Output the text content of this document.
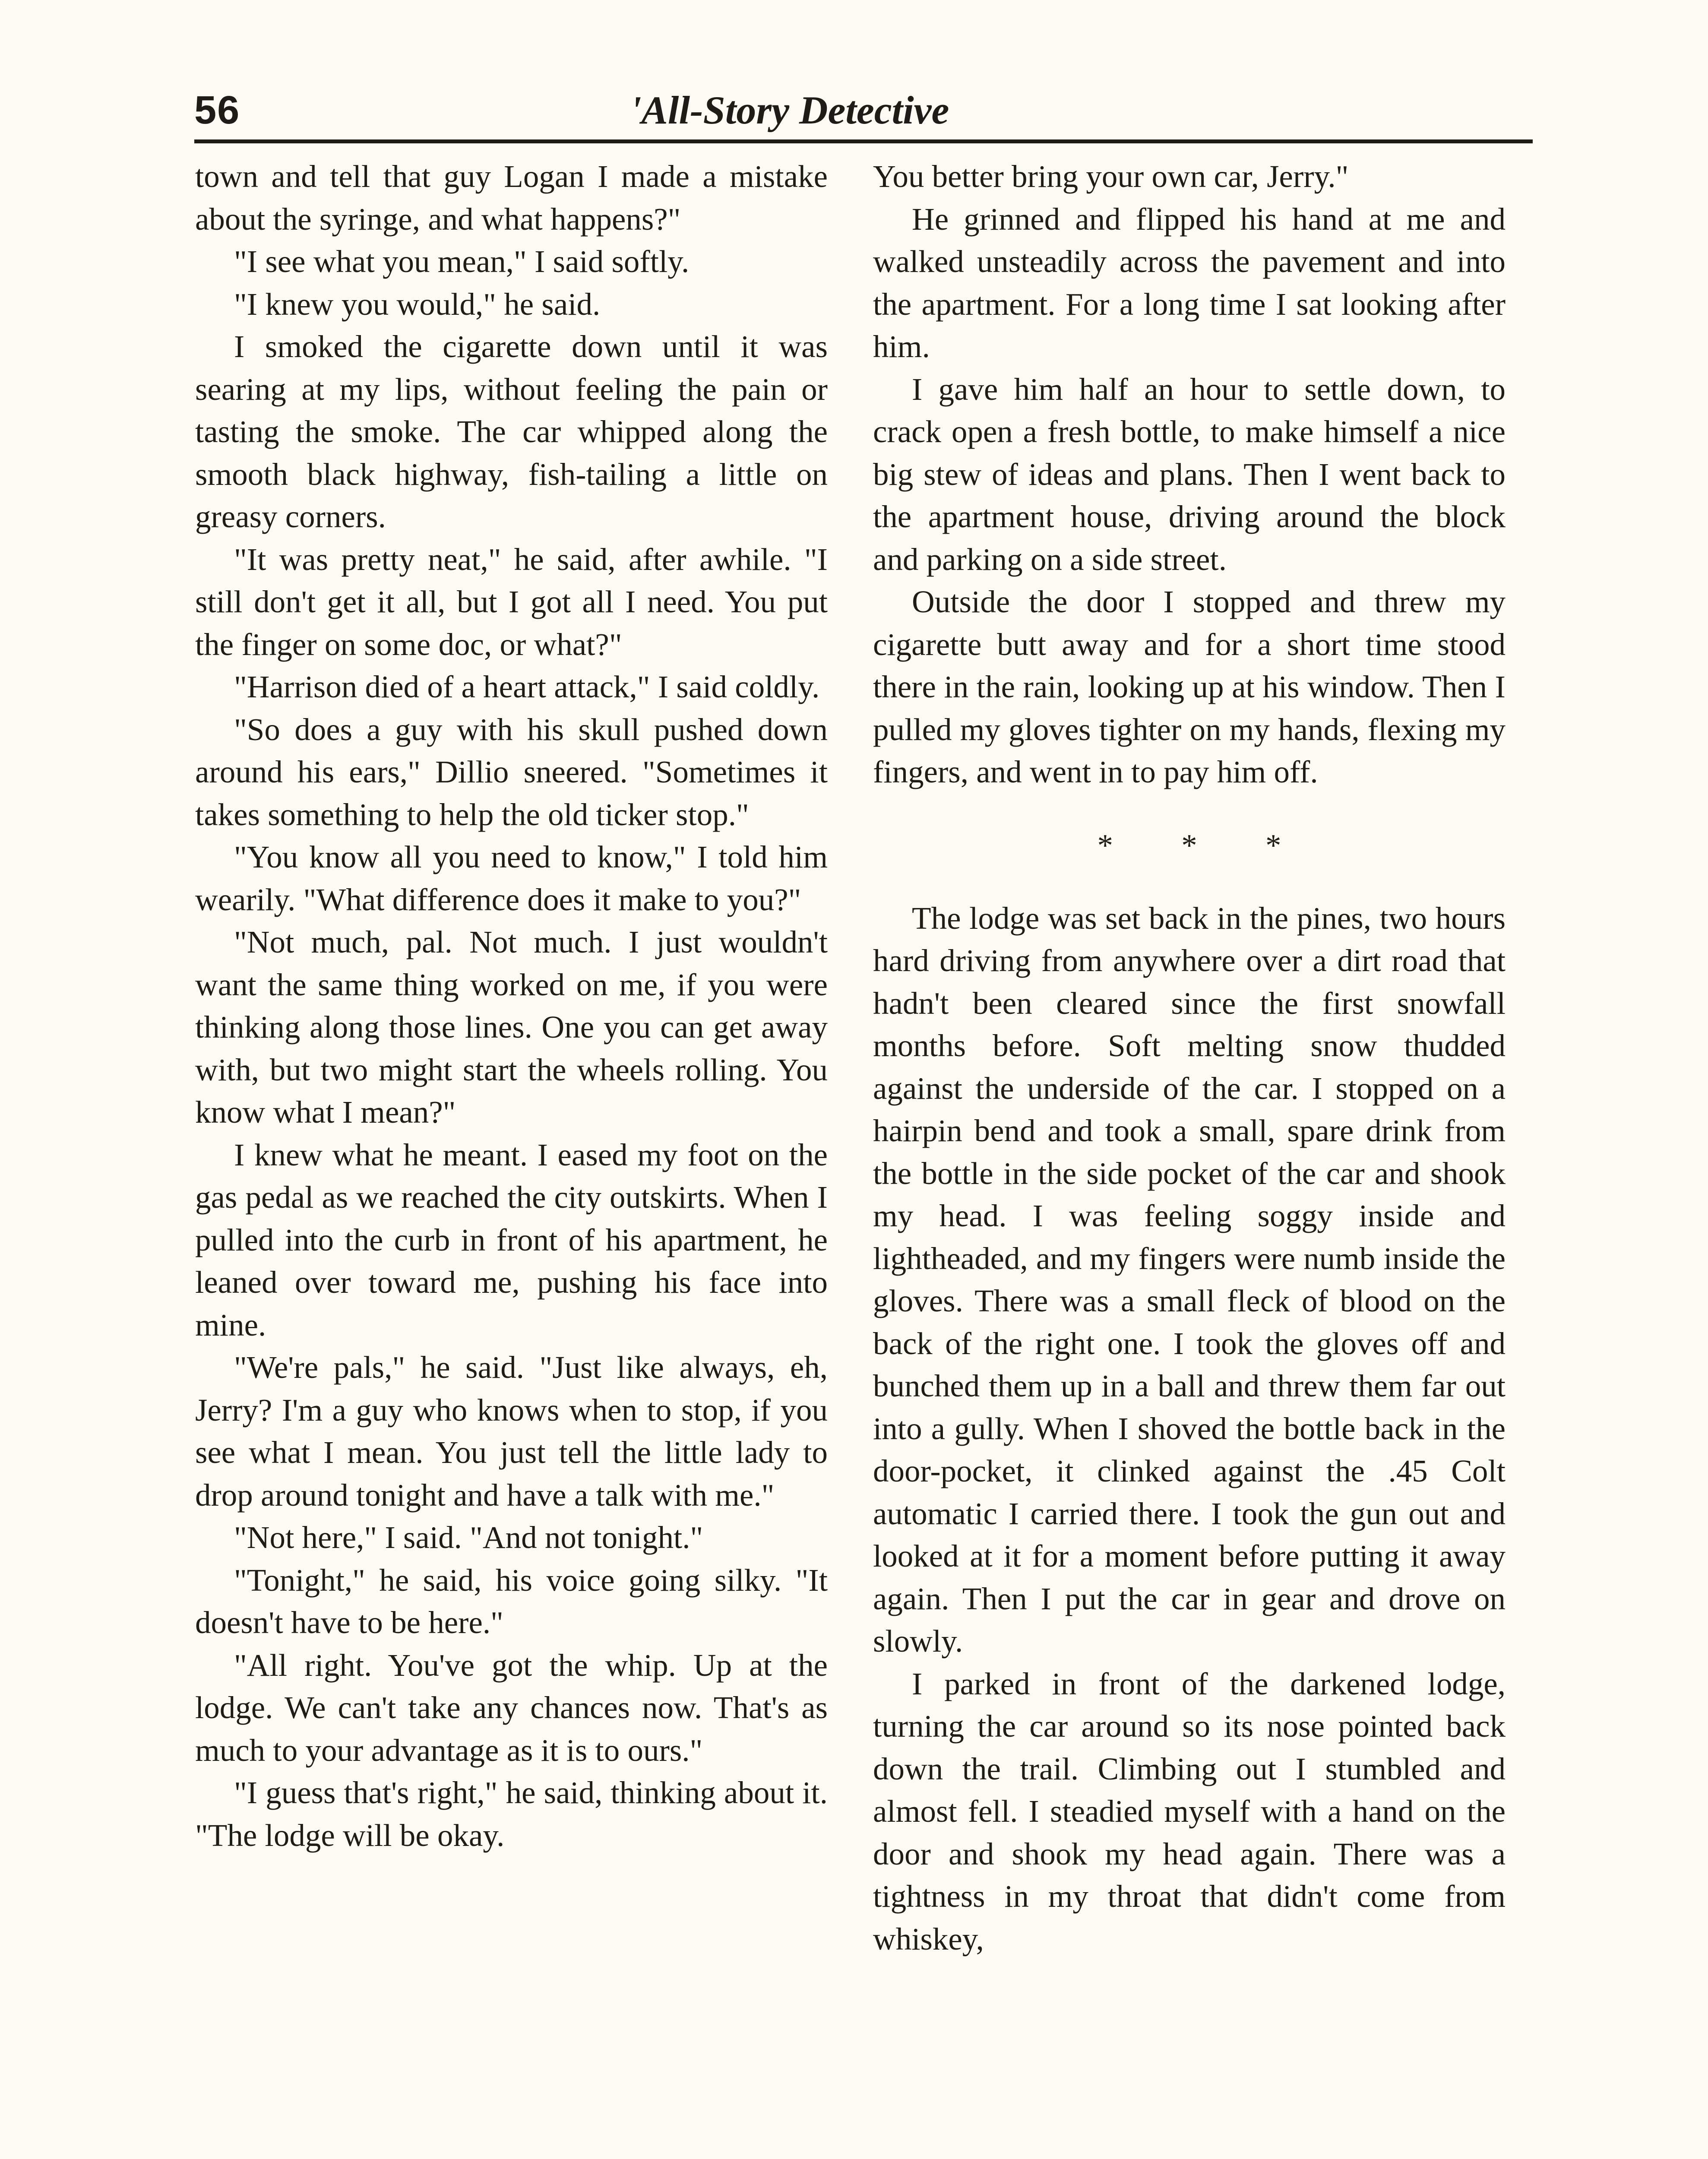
56	'All-Story Detective

town and tell that guy Logan I made a mistake about the syringe, and what happens?"

"I see what you mean," I said softly.

"I knew you would," he said.

I smoked the cigarette down until it was searing at my lips, without feeling the pain or tasting the smoke. The car whipped along the smooth black highway, fish-tailing a little on greasy corners.

"It was pretty neat," he said, after awhile. "I still don't get it all, but I got all I need. You put the finger on some doc, or what?"

"Harrison died of a heart attack," I said coldly.

"So does a guy with his skull pushed down around his ears," Dillio sneered. "Sometimes it takes something to help the old ticker stop."

"You know all you need to know," I told him wearily. "What difference does it make to you?"

"Not much, pal. Not much. I just wouldn't want the same thing worked on me, if you were thinking along those lines. One you can get away with, but two might start the wheels rolling. You know what I mean?"

I knew what he meant. I eased my foot on the gas pedal as we reached the city outskirts. When I pulled into the curb in front of his apartment, he leaned over toward me, pushing his face into mine.

"We're pals," he said. "Just like always, eh, Jerry? I'm a guy who knows when to stop, if you see what I mean. You just tell the little lady to drop around tonight and have a talk with me."

"Not here," I said. "And not tonight."

"Tonight," he said, his voice going silky. "It doesn't have to be here."

"All right. You've got the whip. Up at the lodge. We can't take any chances now. That's as much to your advantage as it is to ours."

"I guess that's right," he said, thinking about it. "The lodge will be okay.

You better bring your own car, Jerry."

He grinned and flipped his hand at me and walked unsteadily across the pavement and into the apartment. For a long time I sat looking after him.

I gave him half an hour to settle down, to crack open a fresh bottle, to make himself a nice big stew of ideas and plans. Then I went back to the apartment house, driving around the block and parking on a side street.

Outside the door I stopped and threw my cigarette butt away and for a short time stood there in the rain, looking up at his window. Then I pulled my gloves tighter on my hands, flexing my fingers, and went in to pay him off.

* * *

The lodge was set back in the pines, two hours hard driving from anywhere over a dirt road that hadn't been cleared since the first snowfall months before. Soft melting snow thudded against the underside of the car. I stopped on a hairpin bend and took a small, spare drink from the bottle in the side pocket of the car and shook my head. I was feeling soggy inside and lightheaded, and my fingers were numb inside the gloves. There was a small fleck of blood on the back of the right one. I took the gloves off and bunched them up in a ball and threw them far out into a gully. When I shoved the bottle back in the door-pocket, it clinked against the .45 Colt automatic I carried there. I took the gun out and looked at it for a moment before putting it away again. Then I put the car in gear and drove on slowly.

I parked in front of the darkened lodge, turning the car around so its nose pointed back down the trail. Climbing out I stumbled and almost fell. I steadied myself with a hand on the door and shook my head again. There was a tightness in my throat that didn't come from whiskey,
